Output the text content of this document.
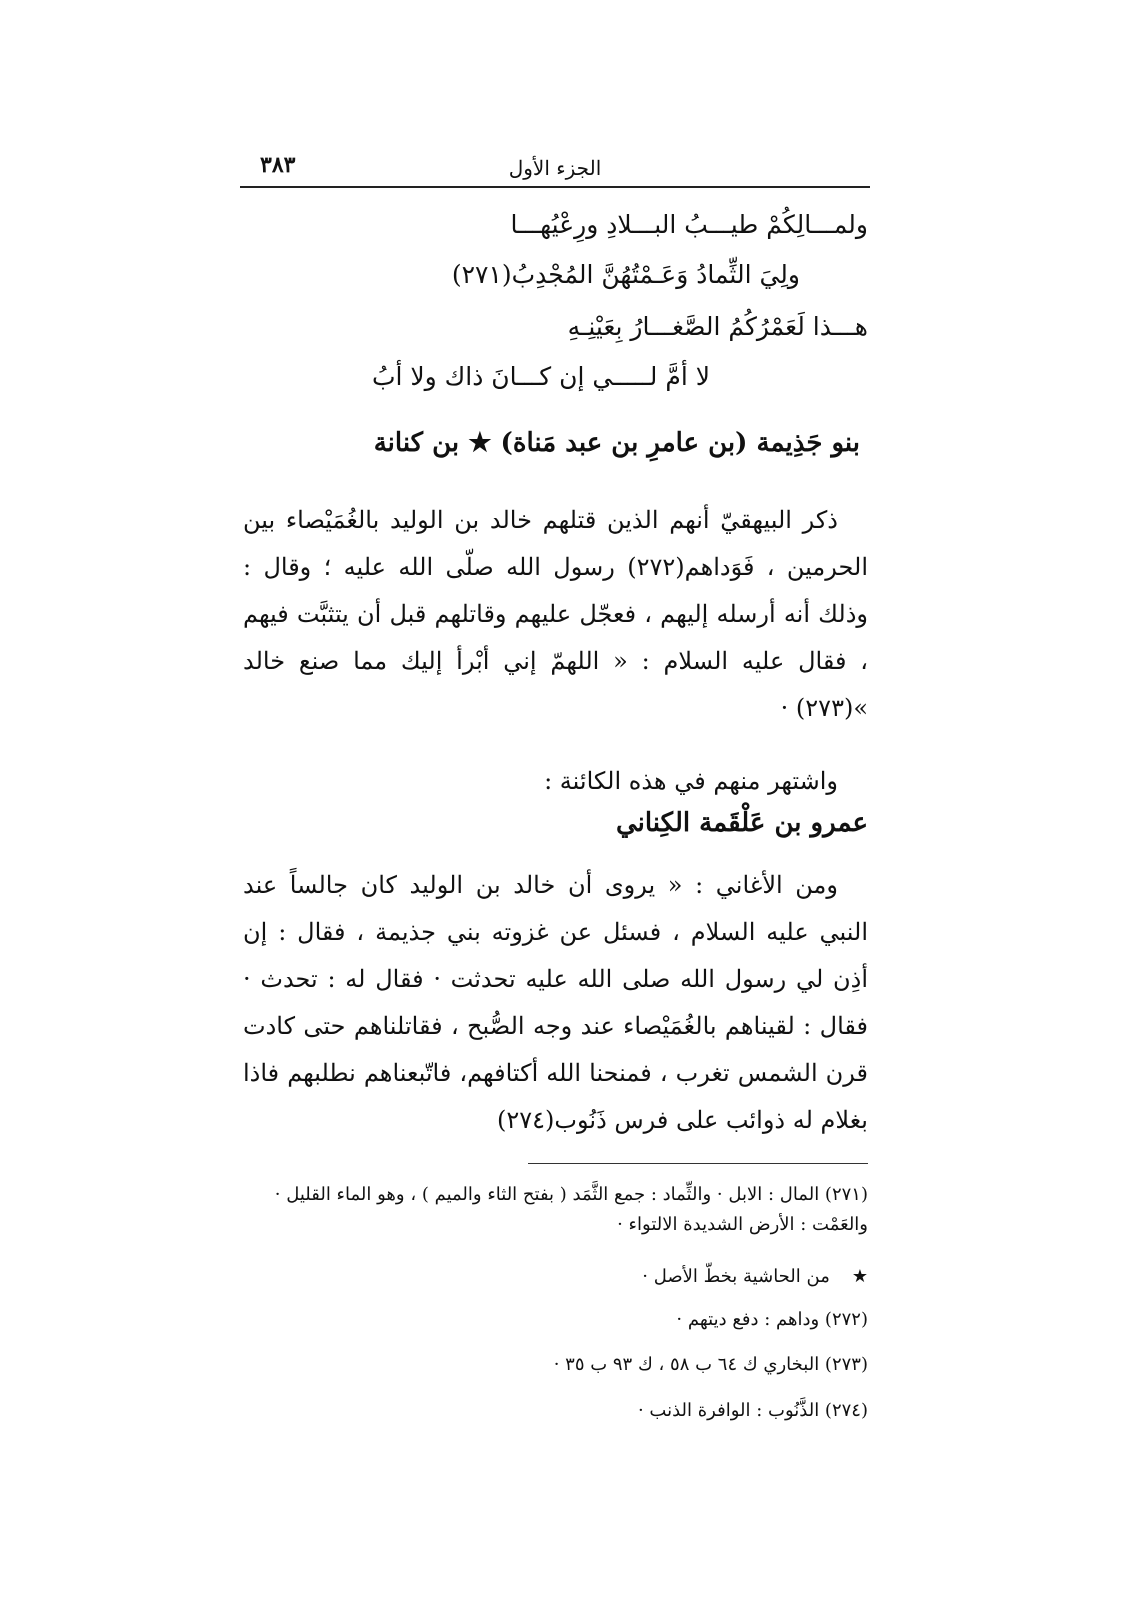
الجزء الأول
٣٨٣
ولمـــالِكُمْ طيـــبُ البـــلادِ ورِعْيُهـــا
ولِيَ الثِّمادُ وَعَـمْتُهُنَّ المُجْدِبُ(٢٧١)
هـــذا لَعَمْرُكُمُ الصَّغـــارُ بِعَيْنِـهِ
لا أمَّ لـــــي إن كـــانَ ذاك ولا أبُ
بنو جَذِيمة (بن عامرِ بن عبد مَناة) ★ بن كنانة
ذكر البيهقيّ أنهم الذين قتلهم خالد بن الوليد بالغُمَيْصاء بين الحرمين ، فَوَداهم(٢٧٢) رسول الله صلّى الله عليه ؛ وقال : وذلك أنه أرسله إليهم ، فعجّل عليهم وقاتلهم قبل أن يتثبَّت فيهم ، فقال عليه السلام : « اللهمّ إني أبْرأ إليك مما صنع خالد »(٢٧٣) ·
واشتهر منهم في هذه الكائنة :
عمرو بن عَلْقَمة الكِناني
ومن الأغاني : « يروى أن خالد بن الوليد كان جالساً عند النبي عليه السلام ، فسئل عن غزوته بني جذيمة ، فقال : إن أذِن لي رسول الله صلى الله عليه تحدثت · فقال له : تحدث · فقال : لقيناهم بالغُمَيْصاء عند وجه الصُّبح ، فقاتلناهم حتى كادت قرن الشمس تغرب ، فمنحنا الله أكتافهم، فاتّبعناهم نطلبهم فاذا بغلام له ذوائب على فرس ذَنُوب(٢٧٤)
(٢٧١) المال : الابل · والثِّماد : جمع الثَّمَد ( بفتح الثاء والميم ) ، وهو الماء القليل · والعَمْت : الأرض الشديدة الالتواء ·
★من الحاشية بخطّ الأصل ·
(٢٧٢) وداهم : دفع ديتهم ·
(٢٧٣) البخاري ك ٦٤ ب ٥٨ ، ك ٩٣ ب ٣٥ ·
(٢٧٤) الذَّنُوب : الوافرة الذنب ·
